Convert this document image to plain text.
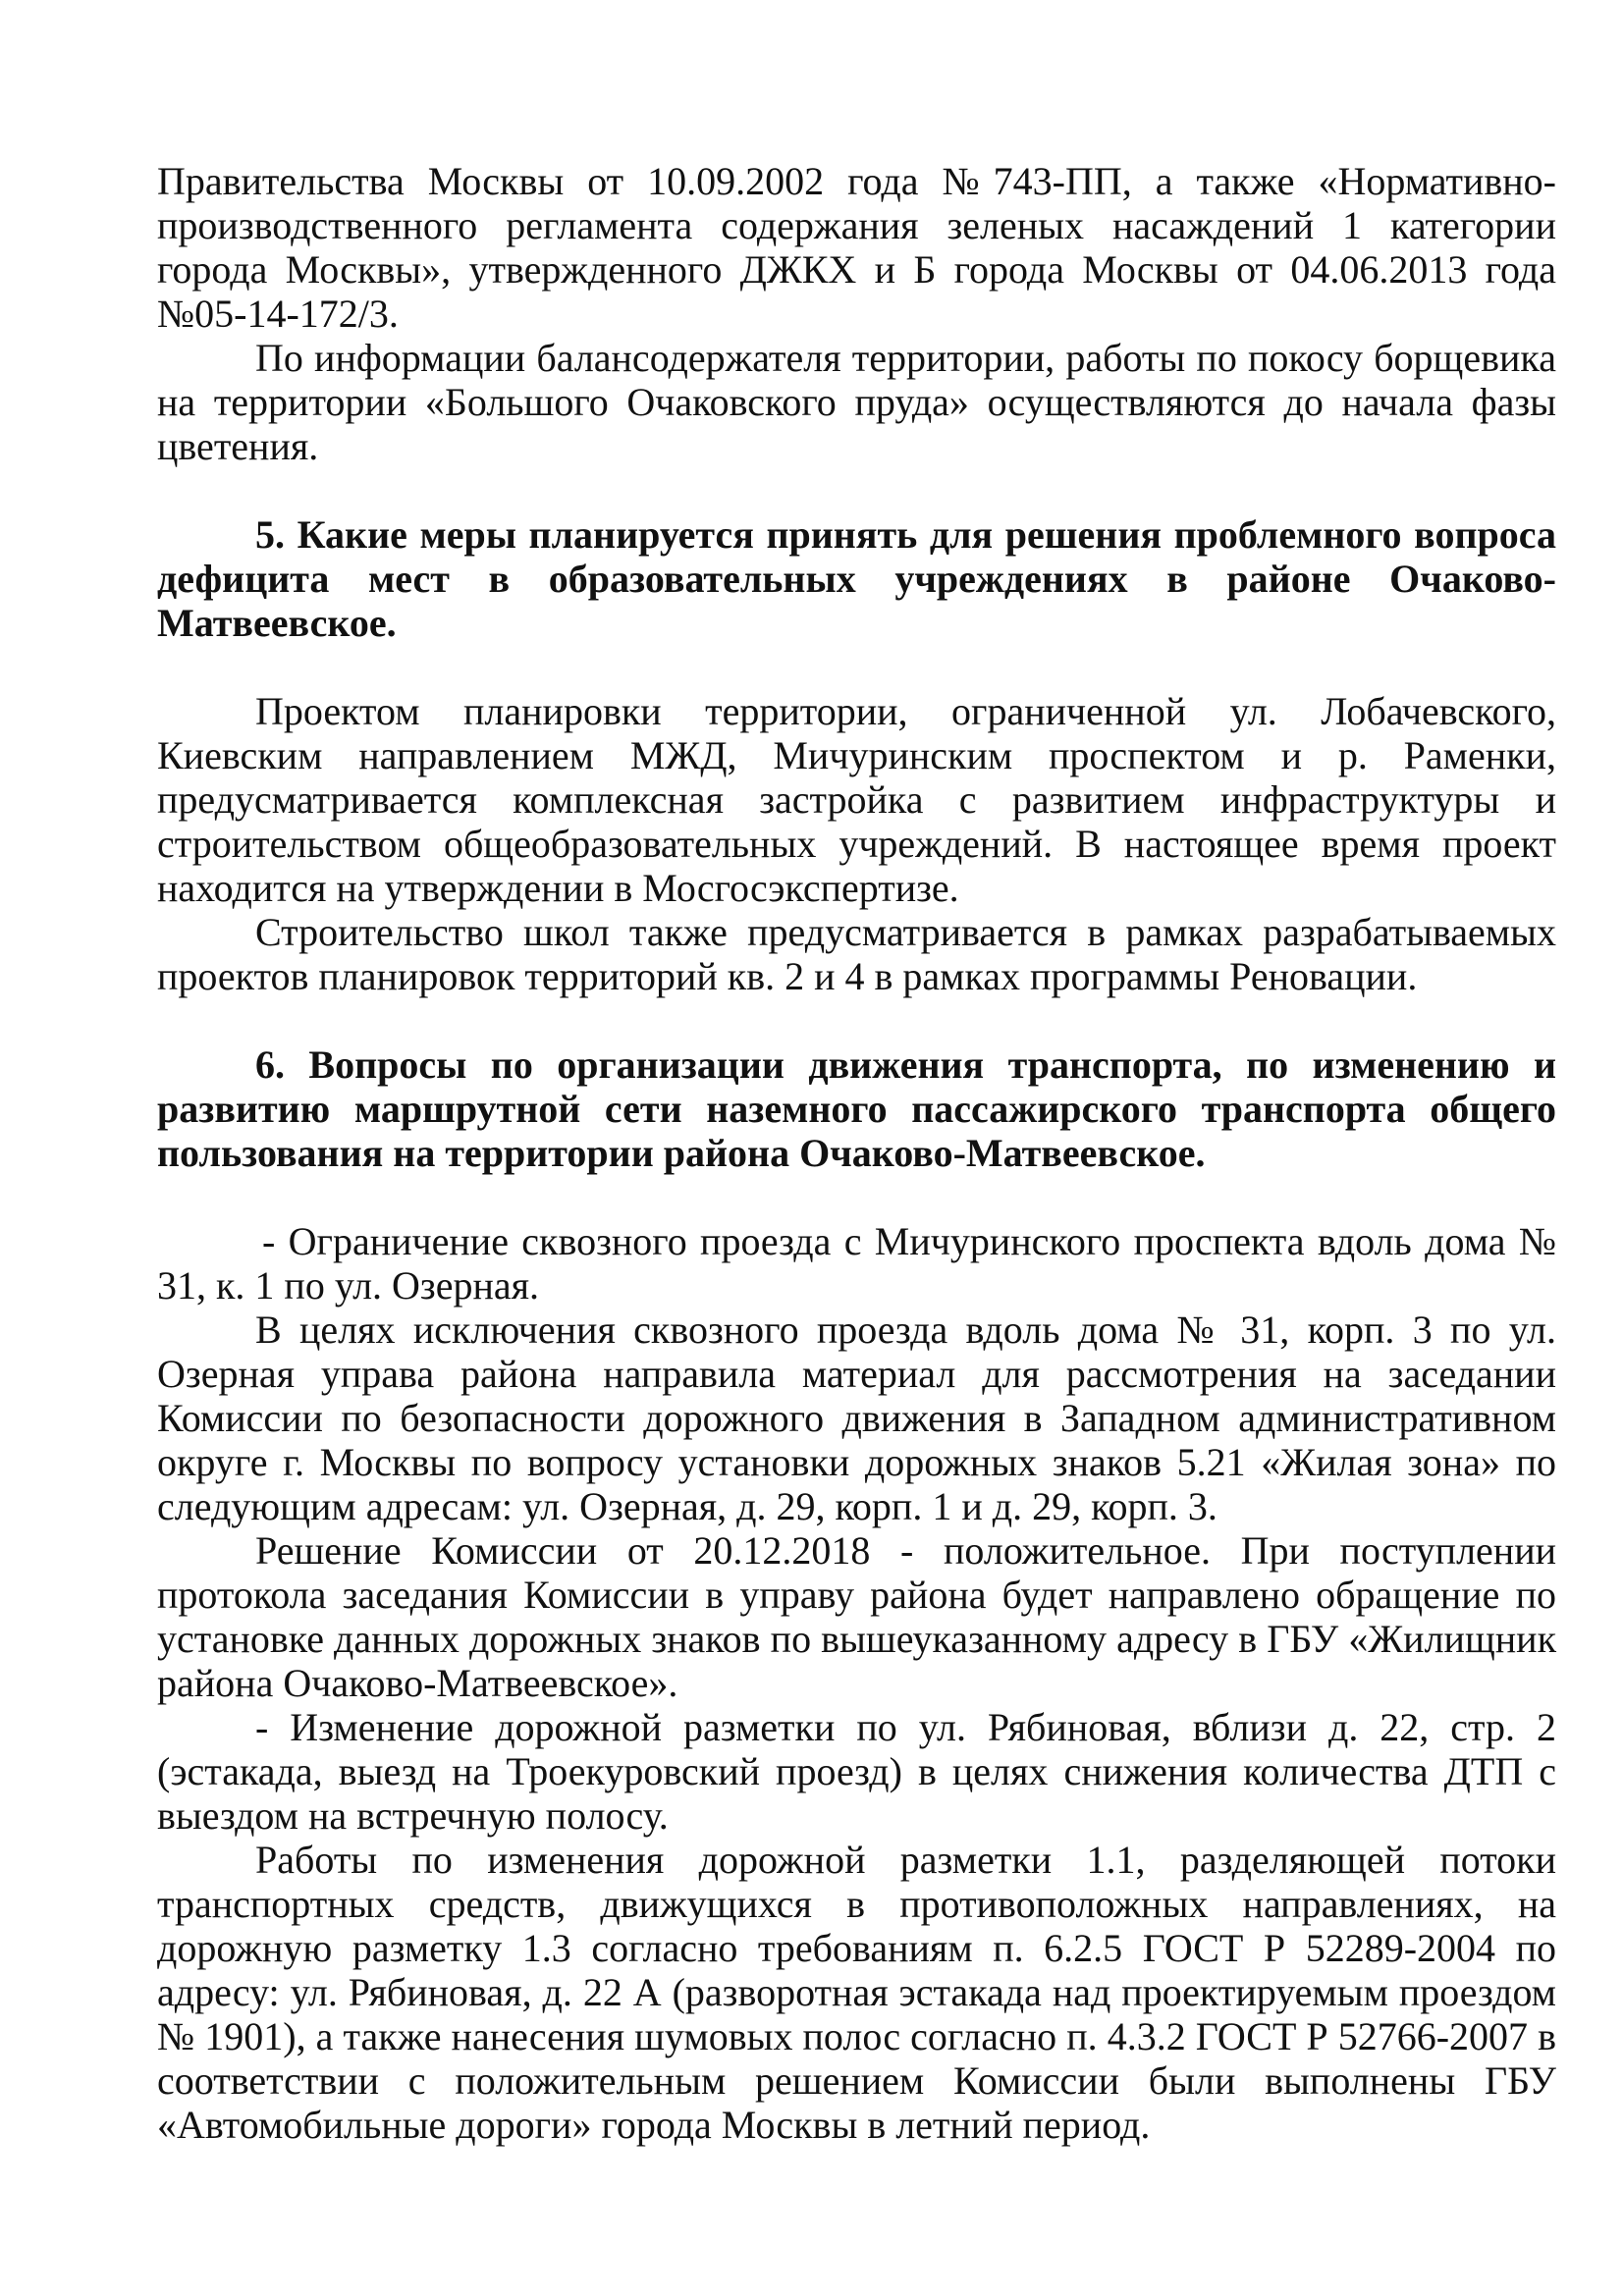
Правительства Москвы от 10.09.2002 года №743-ПП, а также «Нормативно-производственного регламента содержания зеленых насаждений 1 категории города Москвы», утвержденного ДЖКХ и Б города Москвы от 04.06.2013 года №05-14-172/3.

По информации балансодержателя территории, работы по покосу борщевика на территории «Большого Очаковского пруда» осуществляются до начала фазы цветения.

5. Какие меры планируется принять для решения проблемного вопроса дефицита мест в образовательных учреждениях в районе Очаково-Матвеевское.

Проектом планировки территории, ограниченной ул. Лобачевского, Киевским направлением МЖД, Мичуринским проспектом и р. Раменки, предусматривается комплексная застройка с развитием инфраструктуры и строительством общеобразовательных учреждений. В настоящее время проект находится на утверждении в Мосгосэкспертизе.

Строительство школ также предусматривается в рамках разрабатываемых проектов планировок территорий кв. 2 и 4 в рамках программы Реновации.

6. Вопросы по организации движения транспорта, по изменению и развитию маршрутной сети наземного пассажирского транспорта общего пользования на территории района Очаково-Матвеевское.

- Ограничение сквозного проезда с Мичуринского проспекта вдоль дома № 31, к. 1 по ул. Озерная.

В целях исключения сквозного проезда вдоль дома № 31, корп. 3 по ул. Озерная управа района направила материал для рассмотрения на заседании Комиссии по безопасности дорожного движения в Западном административном округе г. Москвы по вопросу установки дорожных знаков 5.21 «Жилая зона» по следующим адресам: ул. Озерная, д. 29, корп. 1 и д. 29, корп. 3.

Решение Комиссии от 20.12.2018 - положительное. При поступлении протокола заседания Комиссии в управу района будет направлено обращение по установке данных дорожных знаков по вышеуказанному адресу в ГБУ «Жилищник района Очаково-Матвеевское».

- Изменение дорожной разметки по ул. Рябиновая, вблизи д. 22, стр. 2 (эстакада, выезд на Троекуровский проезд) в целях снижения количества ДТП с выездом на встречную полосу.

Работы по изменения дорожной разметки 1.1, разделяющей потоки транспортных средств, движущихся в противоположных направлениях, на дорожную разметку 1.3 согласно требованиям п. 6.2.5 ГОСТ Р 52289-2004 по адресу: ул. Рябиновая, д. 22 А (разворотная эстакада над проектируемым проездом № 1901), а также нанесения шумовых полос согласно п. 4.3.2 ГОСТ Р 52766-2007 в соответствии с положительным решением Комиссии были выполнены ГБУ «Автомобильные дороги» города Москвы в летний период.
